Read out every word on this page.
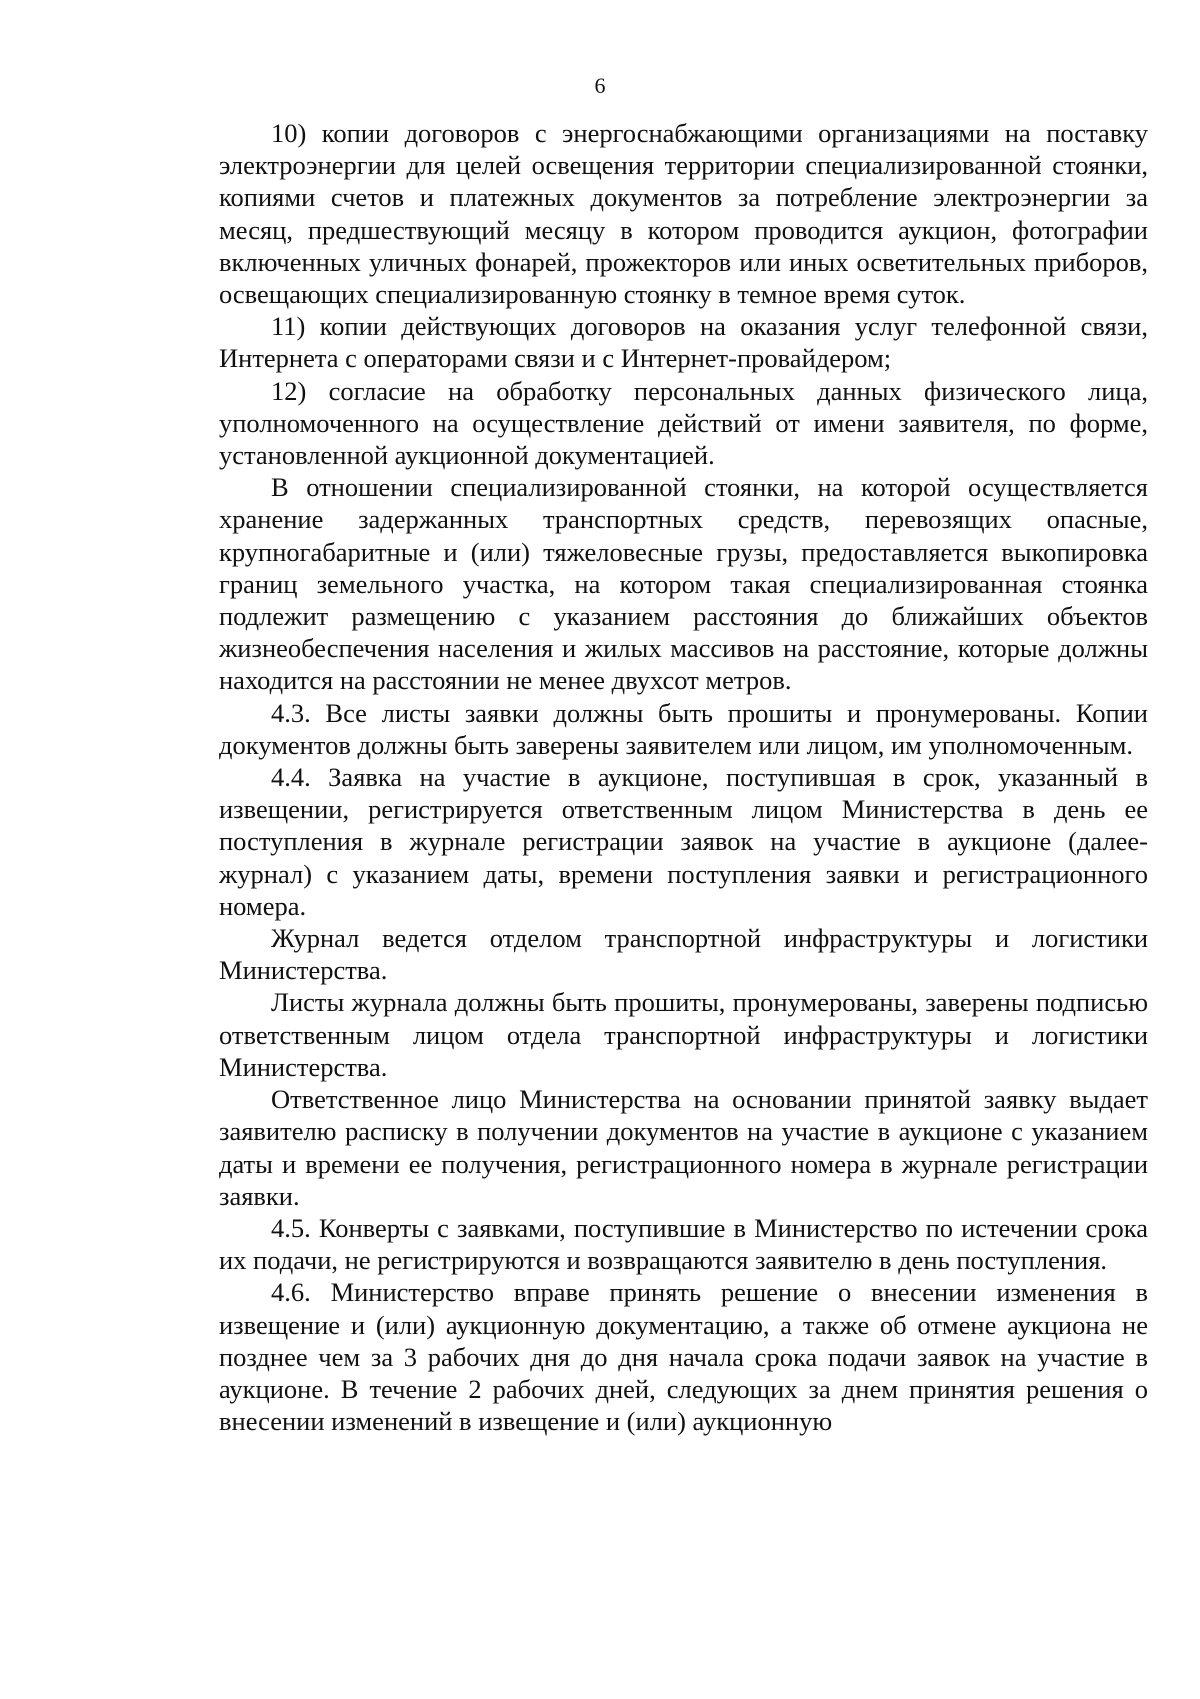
6

10) копии договоров с энергоснабжающими организациями на поставку электроэнергии для целей освещения территории специализированной стоянки, копиями счетов и платежных документов за потребление электроэнергии за месяц, предшествующий месяцу в котором проводится аукцион, фотографии включенных уличных фонарей, прожекторов или иных осветительных приборов, освещающих специализированную стоянку в темное время суток.

11) копии действующих договоров на оказания услуг телефонной связи, Интернета с операторами связи и с Интернет-провайдером;

12) согласие на обработку персональных данных физического лица, уполномоченного на осуществление действий от имени заявителя, по форме, установленной аукционной документацией.

В отношении специализированной стоянки, на которой осуществляется хранение задержанных транспортных средств, перевозящих опасные, крупногабаритные и (или) тяжеловесные грузы, предоставляется выкопировка границ земельного участка, на котором такая специализированная стоянка подлежит размещению с указанием расстояния до ближайших объектов жизнеобеспечения населения и жилых массивов на расстояние, которые должны находится на расстоянии не менее двухсот метров.

4.3. Все листы заявки должны быть прошиты и пронумерованы. Копии документов должны быть заверены заявителем или лицом, им уполномоченным.

4.4. Заявка на участие в аукционе, поступившая в срок, указанный в извещении, регистрируется ответственным лицом Министерства в день ее поступления в журнале регистрации заявок на участие в аукционе (далее-журнал) с указанием даты, времени поступления заявки и регистрационного номера.

Журнал ведется отделом транспортной инфраструктуры и логистики Министерства.

Листы журнала должны быть прошиты, пронумерованы, заверены подписью ответственным лицом отдела транспортной инфраструктуры и логистики Министерства.

Ответственное лицо Министерства на основании принятой заявку выдает заявителю расписку в получении документов на участие в аукционе с указанием даты и времени ее получения, регистрационного номера в журнале регистрации заявки.

4.5. Конверты с заявками, поступившие в Министерство по истечении срока их подачи, не регистрируются и возвращаются заявителю в день поступления.

4.6. Министерство вправе принять решение о внесении изменения в извещение и (или) аукционную документацию, а также об отмене аукциона не позднее чем за 3 рабочих дня до дня начала срока подачи заявок на участие в аукционе. В течение 2 рабочих дней, следующих за днем принятия решения о внесении изменений в извещение и (или) аукционную
